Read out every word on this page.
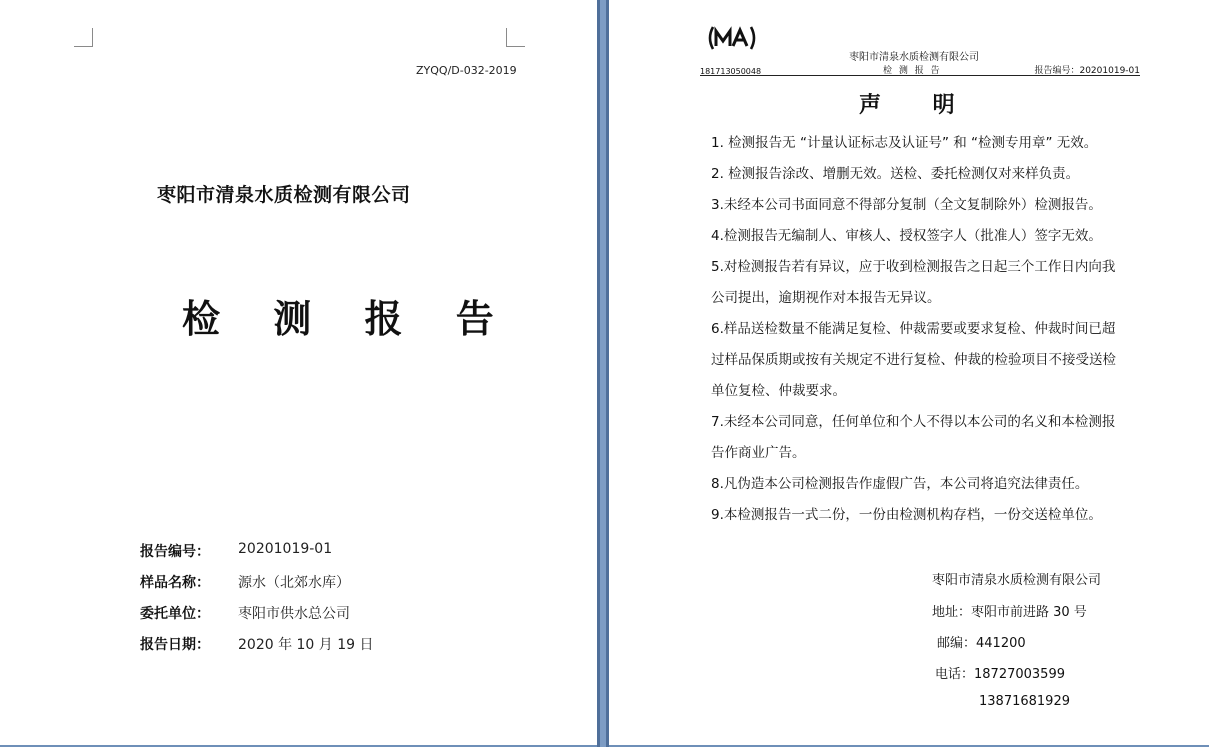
ZYQQ/D-032-2019
枣阳市清泉水质检测有限公司
检 测 报 告
报告编号：	20201019-01
样品名称：	源水（北郊水库）
委托单位：	枣阳市供水总公司
报告日期：	2020 年 10 月 19 日
枣阳市清泉水质检测有限公司
181713050048	检 测 报 告	报告编号：20201019-01
声 明

1. 检测报告无 “计量认证标志及认证号” 和 “检测专用章” 无效。

2. 检测报告涂改、增删无效。送检、委托检测仅对来样负责。

3.未经本公司书面同意不得部分复制（全文复制除外）检测报告。

4.检测报告无编制人、审核人、授权签字人（批准人）签字无效。

5.对检测报告若有异议，应于收到检测报告之日起三个工作日内向我公司提出，逾期视作对本报告无异议。

6.样品送检数量不能满足复检、仲裁需要或要求复检、仲裁时间已超过样品保质期或按有关规定不进行复检、仲裁的检验项目不接受送检单位复检、仲裁要求。

7.未经本公司同意，任何单位和个人不得以本公司的名义和本检测报告作商业广告。

8.凡伪造本公司检测报告作虚假广告，本公司将追究法律责任。

9.本检测报告一式二份，一份由检测机构存档，一份交送检单位。

枣阳市清泉水质检测有限公司
地址：枣阳市前进路 30 号
邮编：441200
电话：18727003599
13871681929
